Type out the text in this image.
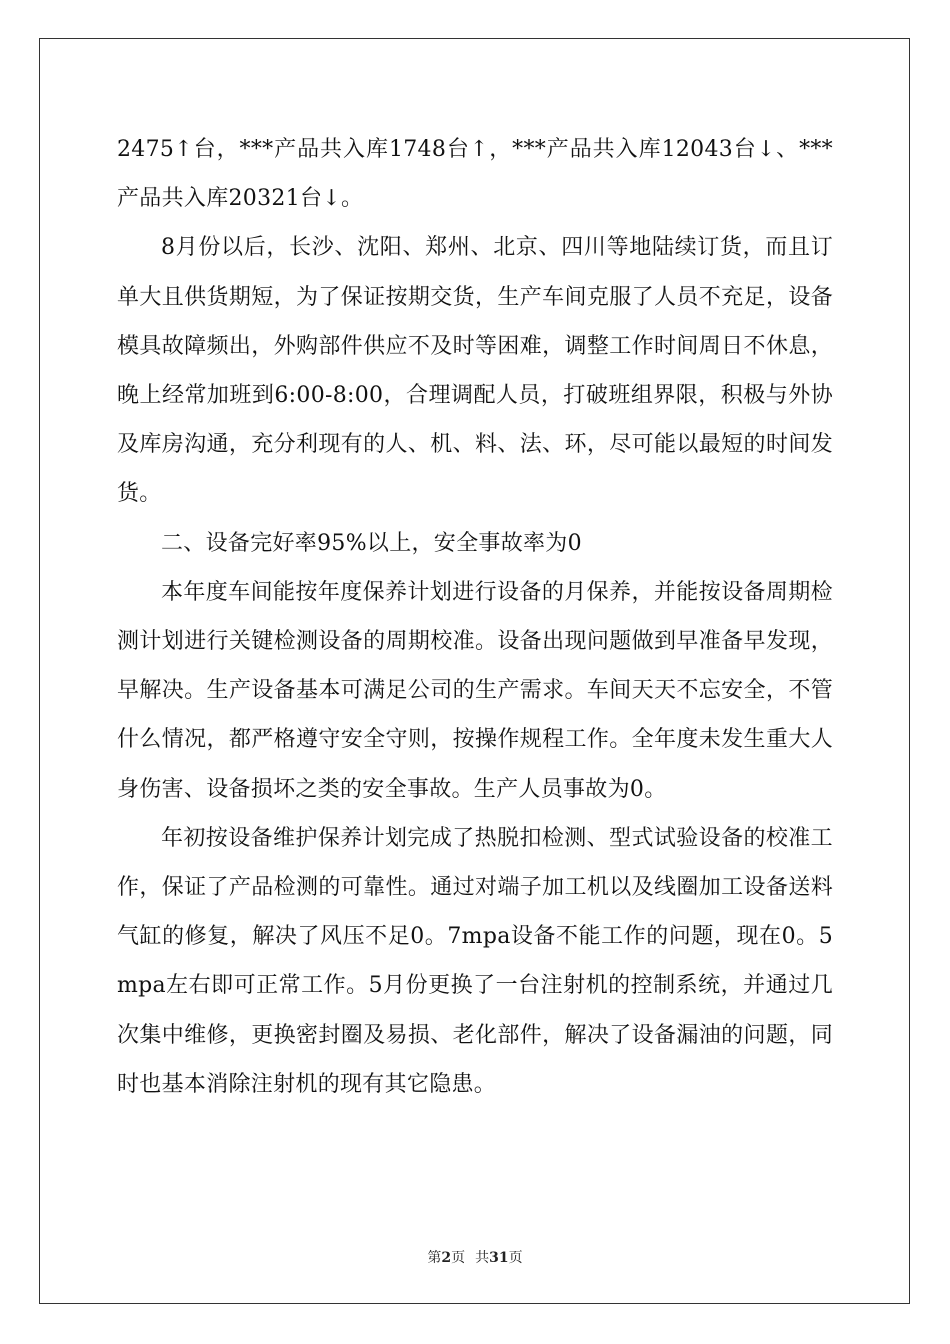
2475↑台，***产品共入库1748台↑，***产品共入库12043台↓、***产品共入库20321台↓。

8月份以后，长沙、沈阳、郑州、北京、四川等地陆续订货，而且订单大且供货期短，为了保证按期交货，生产车间克服了人员不充足，设备模具故障频出，外购部件供应不及时等困难，调整工作时间周日不休息，晚上经常加班到6:00-8:00，合理调配人员，打破班组界限，积极与外协及库房沟通，充分利现有的人、机、料、法、环，尽可能以最短的时间发货。

二、设备完好率95%以上，安全事故率为0

本年度车间能按年度保养计划进行设备的月保养，并能按设备周期检测计划进行关键检测设备的周期校准。设备出现问题做到早准备早发现，早解决。生产设备基本可满足公司的生产需求。车间天天不忘安全，不管什么情况，都严格遵守安全守则，按操作规程工作。全年度未发生重大人身伤害、设备损坏之类的安全事故。生产人员事故为0。

年初按设备维护保养计划完成了热脱扣检测、型式试验设备的校准工作，保证了产品检测的可靠性。通过对端子加工机以及线圈加工设备送料气缸的修复，解决了风压不足0。7mpa设备不能工作的问题，现在0。5mpa左右即可正常工作。5月份更换了一台注射机的控制系统，并通过几次集中维修，更换密封圈及易损、老化部件，解决了设备漏油的问题，同时也基本消除注射机的现有其它隐患。

第2页 共31页
